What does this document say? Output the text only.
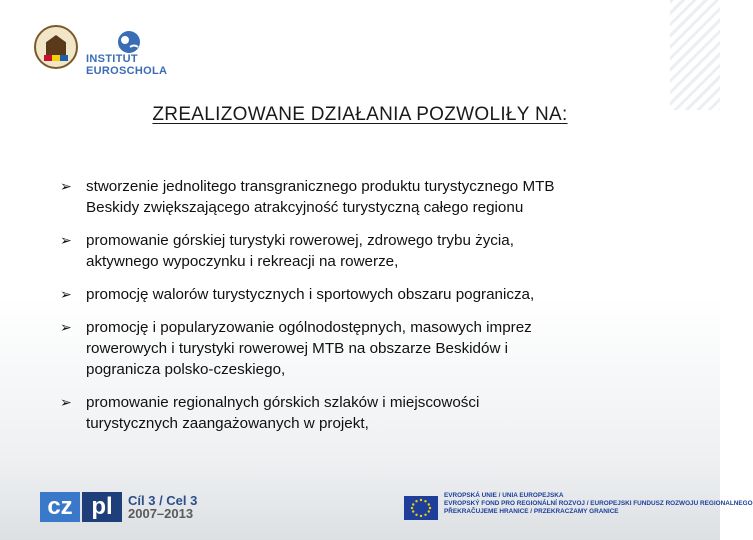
INSTITUT
EUROSCHOLA
ZREALIZOWANE DZIAŁANIA POZWOLIŁY NA:
➢ stworzenie jednolitego transgranicznego produktu turystycznego MTB
Beskidy zwiększającego atrakcyjność turystyczną całego regionu
➢ promowanie górskiej turystyki rowerowej, zdrowego trybu życia,
aktywnego wypoczynku i rekreacji na rowerze,
➢ promocję walorów turystycznych i sportowych obszaru pogranicza,
➢ promocję i popularyzowanie ogólnodostępnych, masowych imprez
rowerowych i turystyki rowerowej MTB na obszarze Beskidów i
pogranicza polsko-czeskiego,
➢ promowanie regionalnych górskich szlaków i miejscowości
turystycznych zaangażowanych w projekt,
cz pl	Cíl 3 / Cel 3
2007–2013
EVROPSKÁ UNIE / UNIA EUROPEJSKA
EVROPSKÝ FOND PRO REGIONÁLNÍ ROZVOJ / EUROPEJSKI FUNDUSZ ROZWOJU REGIONALNEGO
PŘEKRAČUJEME HRANICE / PRZEKRACZAMY GRANICE
